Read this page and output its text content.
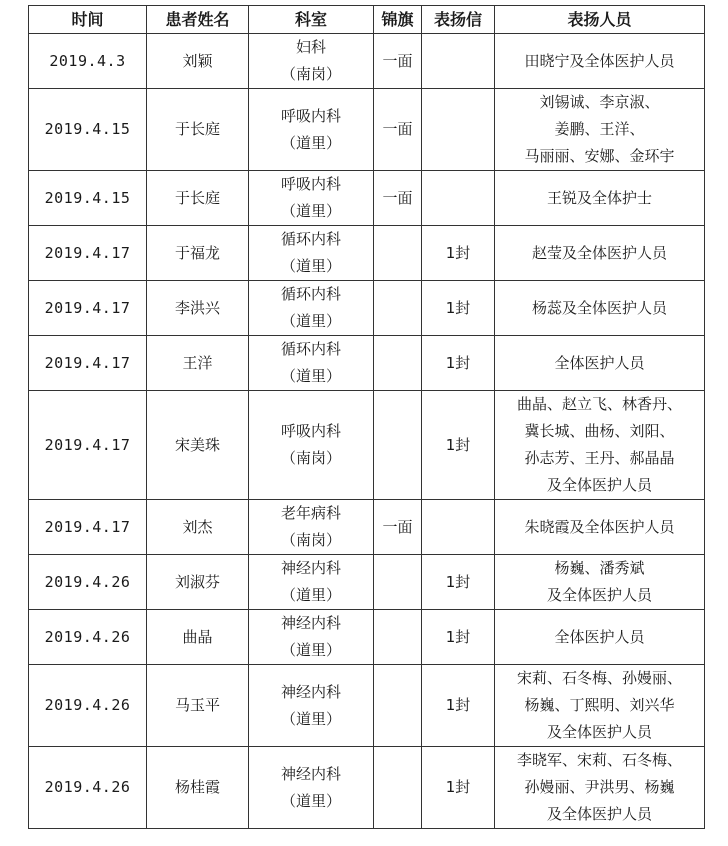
时间	患者姓名	科室	锦旗	表扬信	表扬人员
2019.4.3	刘颖	妇科
（南岗）	一面		田晓宁及全体医护人员

2019.4.15	于长庭	呼吸内科
（道里）	一面		刘锡诚、李京淑、
姜鹏、王洋、
马丽丽、安娜、金环宇

2019.4.15	于长庭	呼吸内科
（道里）	一面		王锐及全体护士

2019.4.17	于福龙	循环内科
（道里）		1封	赵莹及全体医护人员

2019.4.17	李洪兴	循环内科
（道里）		1封	杨蕊及全体医护人员

2019.4.17	王洋	循环内科
（道里）		1封	全体医护人员

2019.4.17	宋美珠	呼吸内科
（南岗）		1封	曲晶、赵立飞、林香丹、
冀长城、曲杨、刘阳、
孙志芳、王丹、郝晶晶
及全体医护人员

2019.4.17	刘杰	老年病科
（南岗）	一面		朱晓霞及全体医护人员

2019.4.26	刘淑芬	神经内科
（道里）		1封	杨巍、潘秀斌
及全体医护人员

2019.4.26	曲晶	神经内科
（道里）		1封	全体医护人员

2019.4.26	马玉平	神经内科
（道里）		1封	宋莉、石冬梅、孙嫚丽、
杨巍、丁熙明、刘兴华
及全体医护人员

2019.4.26	杨桂霞	神经内科
（道里）		1封	李晓军、宋莉、石冬梅、
孙嫚丽、尹洪男、杨巍
及全体医护人员
